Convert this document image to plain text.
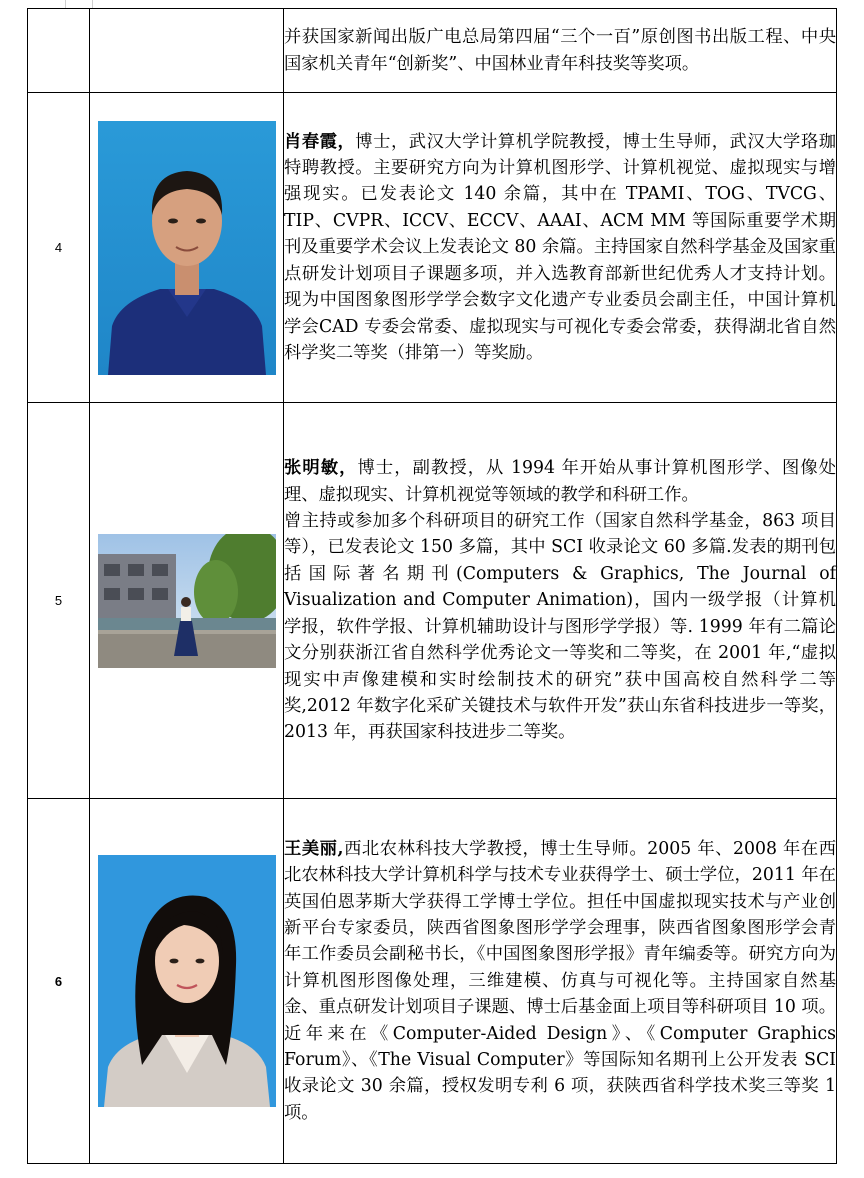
		并获国家新闻出版广电总局第四届“三个一百”原创图书出版工程、中央国家机关青年“创新奖”、中国林业青年科技奖等奖项。

4		肖春霞，博士，武汉大学计算机学院教授，博士生导师，武汉大学珞珈特聘教授。主要研究方向为计算机图形学、计算机视觉、虚拟现实与增强现实。已发表论文 140 余篇，其中在 TPAMI、TOG、TVCG、TIP、CVPR、ICCV、ECCV、AAAI、ACM MM 等国际重要学术期刊及重要学术会议上发表论文 80 余篇。主持国家自然科学基金及国家重点研发计划项目子课题多项，并入选教育部新世纪优秀人才支持计划。现为中国图象图形学学会数字文化遗产专业委员会副主任，中国计算机学会CAD 专委会常委、虚拟现实与可视化专委会常委，获得湖北省自然科学奖二等奖（排第一）等奖励。

5		张明敏，博士，副教授，从 1994 年开始从事计算机图形学、图像处理、虚拟现实、计算机视觉等领域的教学和科研工作。

曾主持或参加多个科研项目的研究工作（国家自然科学基金，863 项目等），已发表论文 150 多篇，其中 SCI 收录论文 60 多篇.发表的期刊包括国际著名期刊(Computers & Graphics, The Journal of Visualization and Computer Animation)，国内一级学报（计算机学报，软件学报、计算机辅助设计与图形学学报）等. 1999 年有二篇论文分别获浙江省自然科学优秀论文一等奖和二等奖，在 2001 年,“虚拟现实中声像建模和实时绘制技术的研究”获中国高校自然科学二等奖,2012 年数字化采矿关键技术与软件开发”获山东省科技进步一等奖，2013 年，再获国家科技进步二等奖。

6		王美丽,西北农林科技大学教授，博士生导师。2005 年、2008 年在西北农林科技大学计算机科学与技术专业获得学士、硕士学位，2011 年在英国伯恩茅斯大学获得工学博士学位。担任中国虚拟现实技术与产业创新平台专家委员，陕西省图象图形学学会理事，陕西省图象图形学会青年工作委员会副秘书长，《中国图象图形学报》青年编委等。研究方向为计算机图形图像处理，三维建模、仿真与可视化等。主持国家自然基金、重点研发计划项目子课题、博士后基金面上项目等科研项目 10 项。近年来在《Computer-Aided Design》、《Computer Graphics Forum》、《The Visual Computer》等国际知名期刊上公开发表 SCI 收录论文 30 余篇，授权发明专利 6 项，获陕西省科学技术奖三等奖 1 项。
